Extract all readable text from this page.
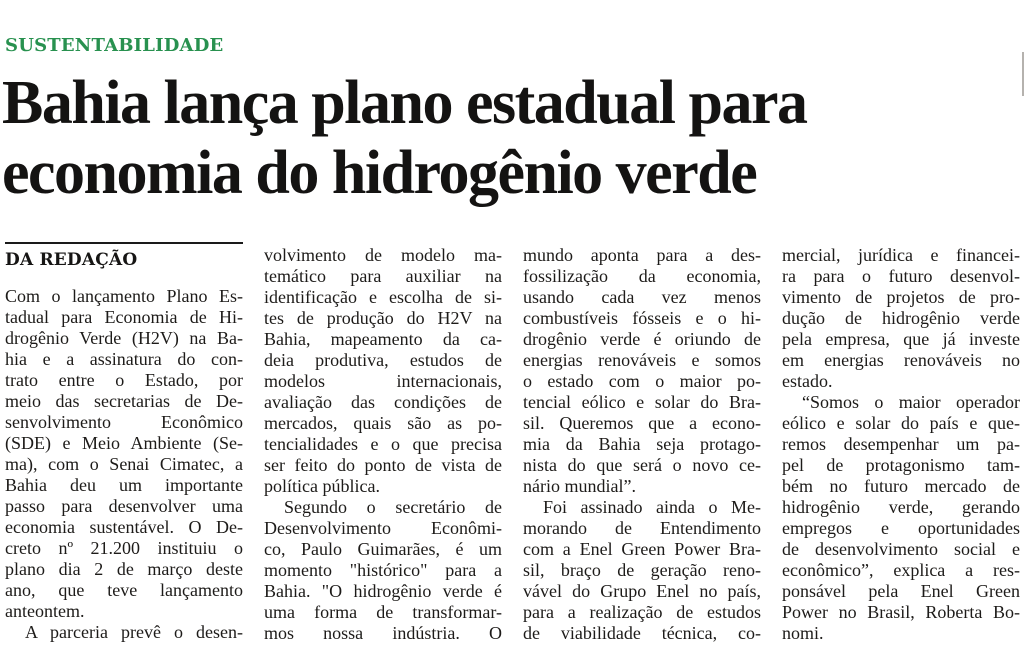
SUSTENTABILIDADE
Bahia lança plano estadual para
economia do hidrogênio verde
DA REDAÇÃO
Com o lançamento Plano Es-
tadual para Economia de Hi-
drogênio Verde (H2V) na Ba-
hia e a assinatura do con-
trato entre o Estado, por
meio das secretarias de De-
senvolvimento Econômico
(SDE) e Meio Ambiente (Se-
ma), com o Senai Cimatec, a
Bahia deu um importante
passo para desenvolver uma
economia sustentável. O De-
creto nº 21.200 instituiu o
plano dia 2 de março deste
ano, que teve lançamento
anteontem.
A parceria prevê o desen-
volvimento de modelo ma-
temático para auxiliar na
identificação e escolha de si-
tes de produção do H2V na
Bahia, mapeamento da ca-
deia produtiva, estudos de
modelos internacionais,
avaliação das condições de
mercados, quais são as po-
tencialidades e o que precisa
ser feito do ponto de vista de
política pública.
Segundo o secretário de
Desenvolvimento Econômi-
co, Paulo Guimarães, é um
momento "histórico" para a
Bahia. "O hidrogênio verde é
uma forma de transformar-
mos nossa indústria. O
mundo aponta para a des-
fossilização da economia,
usando cada vez menos
combustíveis fósseis e o hi-
drogênio verde é oriundo de
energias renováveis e somos
o estado com o maior po-
tencial eólico e solar do Bra-
sil. Queremos que a econo-
mia da Bahia seja protago-
nista do que será o novo ce-
nário mundial”.
Foi assinado ainda o Me-
morando de Entendimento
com a Enel Green Power Bra-
sil, braço de geração reno-
vável do Grupo Enel no país,
para a realização de estudos
de viabilidade técnica, co-
mercial, jurídica e financei-
ra para o futuro desenvol-
vimento de projetos de pro-
dução de hidrogênio verde
pela empresa, que já investe
em energias renováveis no
estado.
“Somos o maior operador
eólico e solar do país e que-
remos desempenhar um pa-
pel de protagonismo tam-
bém no futuro mercado de
hidrogênio verde, gerando
empregos e oportunidades
de desenvolvimento social e
econômico”, explica a res-
ponsável pela Enel Green
Power no Brasil, Roberta Bo-
nomi.
